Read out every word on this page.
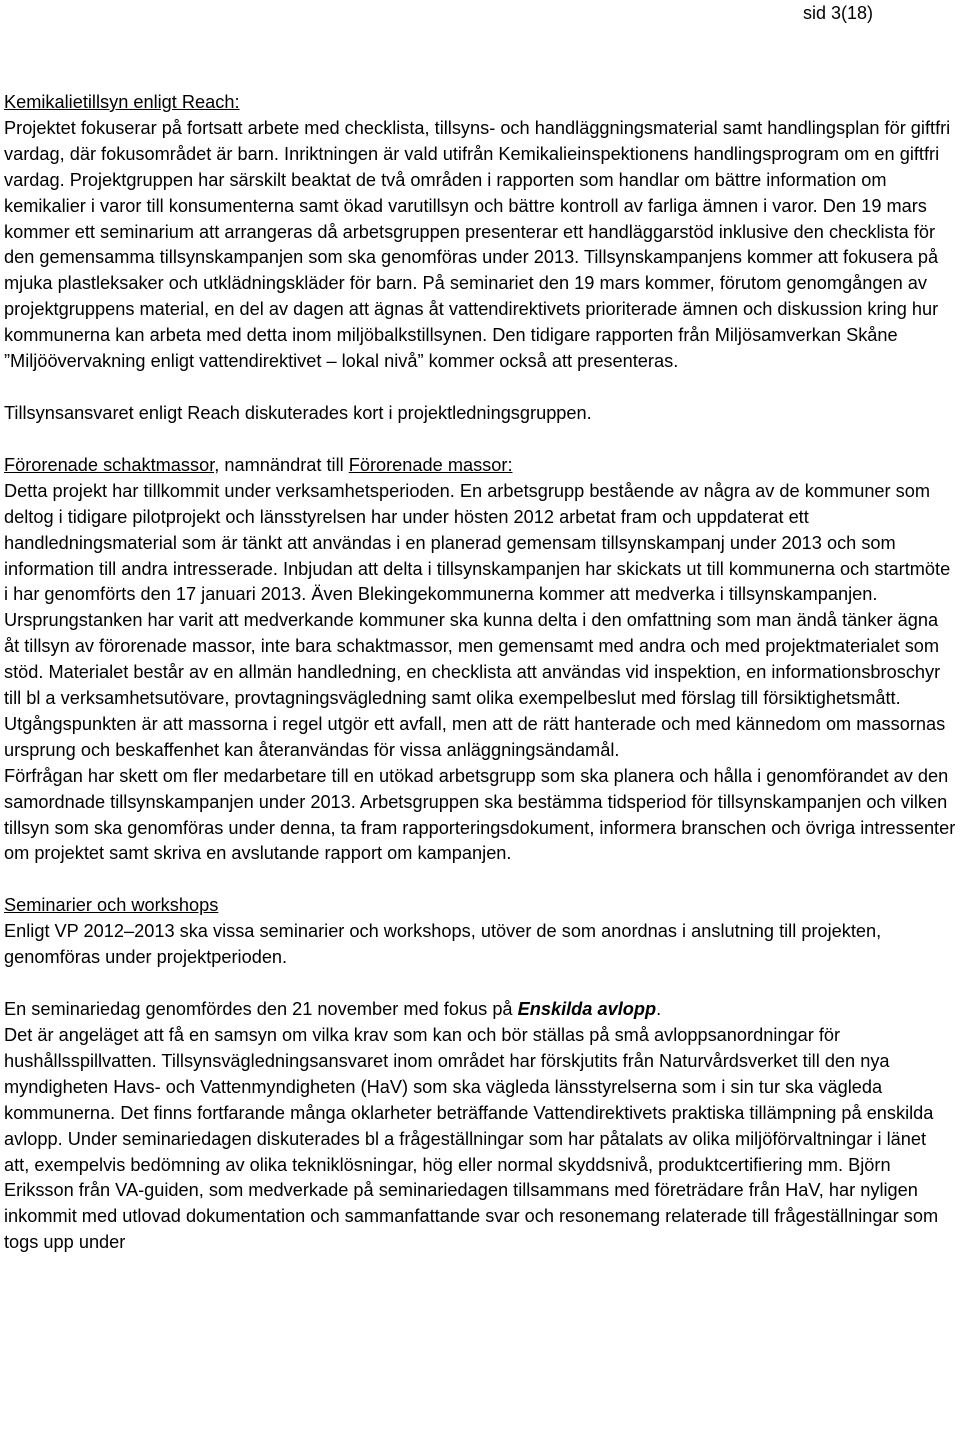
sid 3(18)

Kemikalietillsyn enligt Reach:

Projektet fokuserar på fortsatt arbete med checklista, tillsyns- och handläggningsmaterial samt handlingsplan för giftfri vardag, där fokusområdet är barn. Inriktningen är vald utifrån Kemikalieinspektionens handlingsprogram om en giftfri vardag. Projektgruppen har särskilt beaktat de två områden i rapporten som handlar om bättre information om kemikalier i varor till konsumenterna samt ökad varutillsyn och bättre kontroll av farliga ämnen i varor. Den 19 mars kommer ett seminarium att arrangeras då arbetsgruppen presenterar ett handläggarstöd inklusive den checklista för den gemensamma tillsynskampanjen som ska genomföras under 2013. Tillsynskampanjens kommer att fokusera på mjuka plastleksaker och utklädningskläder för barn. På seminariet den 19 mars kommer, förutom genomgången av projektgruppens material, en del av dagen att ägnas åt vattendirektivets prioriterade ämnen och diskussion kring hur kommunerna kan arbeta med detta inom miljöbalkstillsynen. Den tidigare rapporten från Miljösamverkan Skåne ”Miljöövervakning enligt vattendirektivet – lokal nivå” kommer också att presenteras.

Tillsynsansvaret enligt Reach diskuterades kort i projektledningsgruppen.

Förorenade schaktmassor, namnändrat till Förorenade massor:

Detta projekt har tillkommit under verksamhetsperioden. En arbetsgrupp bestående av några av de kommuner som deltog i tidigare pilotprojekt och länsstyrelsen har under hösten 2012 arbetat fram och uppdaterat ett handledningsmaterial som är tänkt att användas i en planerad gemensam tillsynskampanj under 2013 och som information till andra intresserade. Inbjudan att delta i tillsynskampanjen har skickats ut till kommunerna och startmöte i har genomförts den 17 januari 2013. Även Blekingekommunerna kommer att medverka i tillsynskampanjen.

Ursprungstanken har varit att medverkande kommuner ska kunna delta i den omfattning som man ändå tänker ägna åt tillsyn av förorenade massor, inte bara schaktmassor, men gemensamt med andra och med projektmaterialet som stöd. Materialet består av en allmän handledning, en checklista att användas vid inspektion, en informationsbroschyr till bl a verksamhetsutövare, provtagningsvägledning samt olika exempelbeslut med förslag till försiktighetsmått.

Utgångspunkten är att massorna i regel utgör ett avfall, men att de rätt hanterade och med kännedom om massornas ursprung och beskaffenhet kan återanvändas för vissa anläggningsändamål.

Förfrågan har skett om fler medarbetare till en utökad arbetsgrupp som ska planera och hålla i genomförandet av den samordnade tillsynskampanjen under 2013. Arbetsgruppen ska bestämma tidsperiod för tillsynskampanjen och vilken tillsyn som ska genomföras under denna, ta fram rapporteringsdokument, informera branschen och övriga intressenter om projektet samt skriva en avslutande rapport om kampanjen.

Seminarier och workshops

Enligt VP 2012–2013 ska vissa seminarier och workshops, utöver de som anordnas i anslutning till projekten, genomföras under projektperioden.

En seminariedag genomfördes den 21 november med fokus på Enskilda avlopp.

Det är angeläget att få en samsyn om vilka krav som kan och bör ställas på små avloppsanordningar för hushållsspillvatten. Tillsynsvägledningsansvaret inom området har förskjutits från Naturvårdsverket till den nya myndigheten Havs- och Vattenmyndigheten (HaV) som ska vägleda länsstyrelserna som i sin tur ska vägleda kommunerna. Det finns fortfarande många oklarheter beträffande Vattendirektivets praktiska tillämpning på enskilda avlopp. Under seminariedagen diskuterades bl a frågeställningar som har påtalats av olika miljöförvaltningar i länet att, exempelvis bedömning av olika tekniklösningar, hög eller normal skyddsnivå, produktcertifiering mm. Björn Eriksson från VA-guiden, som medverkade på seminariedagen tillsammans med företrädare från HaV, har nyligen inkommit med utlovad dokumentation och sammanfattande svar och resonemang relaterade till frågeställningar som togs upp under
